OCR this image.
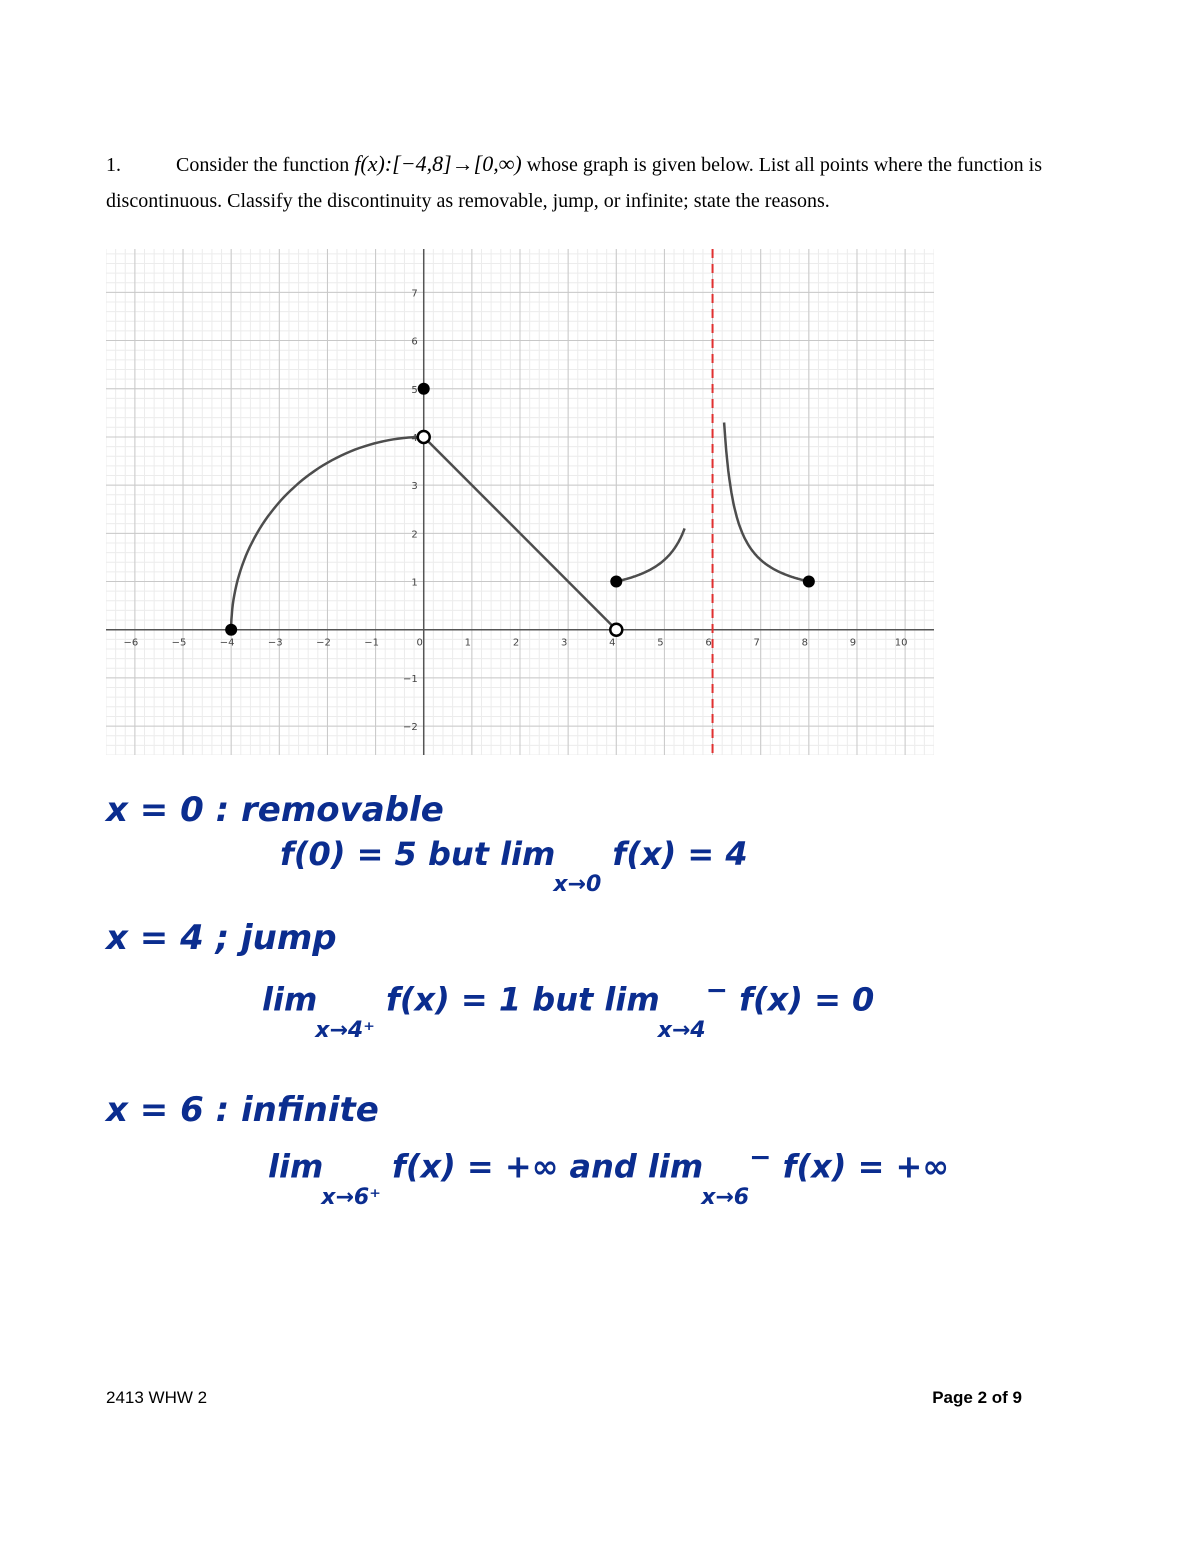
1.	Consider the function f(x):[−4,8]→[0,∞) whose graph is given below. List all points where the function is discontinuous. Classify the discontinuity as removable, jump, or infinite; state the reasons.
−6	−5	−4	−3	−2	−1	0	1	2	3	4	5	6	7	8	9	10
−2
−1
1
2
3
4
5
6
7
x = 0 : removable
f(0) = 5 but $\lim_{x\to 0} f(x) = 4$
x = 4 ; jump
$\lim_{x\to 4^+} f(x) = 1$ but $\lim_{x\to 4}^- f(x) = 0$
x = 6 : infinite
$\lim_{x\to 6^+} f(x)$ = +∞ and $\lim_{x\to 6}^- f(x)$ = +∞
2413 WHW 2	Page 2 of 9
